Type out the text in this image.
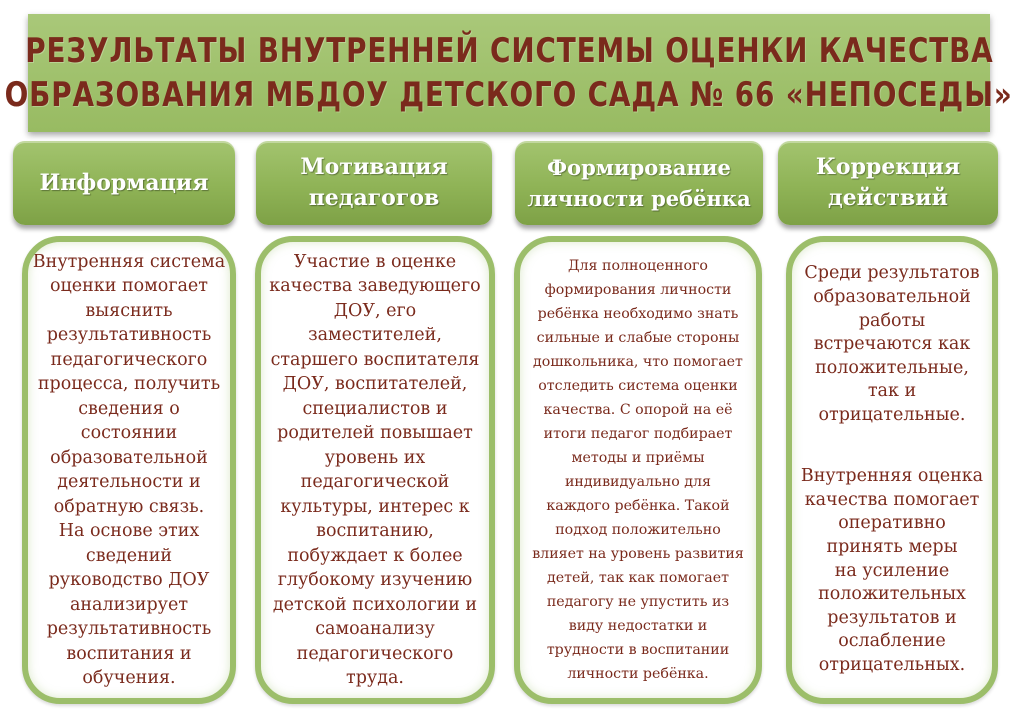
РЕЗУЛЬТАТЫ ВНУТРЕННЕЙ СИСТЕМЫ ОЦЕНКИ КАЧЕСТВА
ОБРАЗОВАНИЯ МБДОУ ДЕТСКОГО САДА № 66 «НЕПОСЕДЫ»
Информация
Мотивация
педагогов
Формирование
личности ребёнка
Коррекция
действий
Внутренняя система
оценки помогает
выяснить
результативность
педагогического
процесса, получить
сведения о
состоянии
образовательной
деятельности и
обратную связь.
На основе этих
сведений
руководство ДОУ
анализирует
результативность
воспитания и
обучения.
Участие в оценке
качества заведующего
ДОУ, его
заместителей,
старшего воспитателя
ДОУ, воспитателей,
специалистов и
родителей повышает
уровень их
педагогической
культуры, интерес к
воспитанию,
побуждает к более
глубокому изучению
детской психологии и
самоанализу
педагогического
труда.
Для полноценного
формирования личности
ребёнка необходимо знать
сильные и слабые стороны
дошкольника, что помогает
отследить система оценки
качества. С опорой на её
итоги педагог подбирает
методы и приёмы
индивидуально для
каждого ребёнка. Такой
подход положительно
влияет на уровень развития
детей, так как помогает
педагогу не упустить из
виду недостатки и
трудности в воспитании
личности ребёнка.

Среди результатов
образовательной
работы
встречаются как
положительные,
так и
отрицательные.

Внутренняя оценка
качества помогает
оперативно
принять меры
на усиление
положительных
результатов и
ослабление
отрицательных.
